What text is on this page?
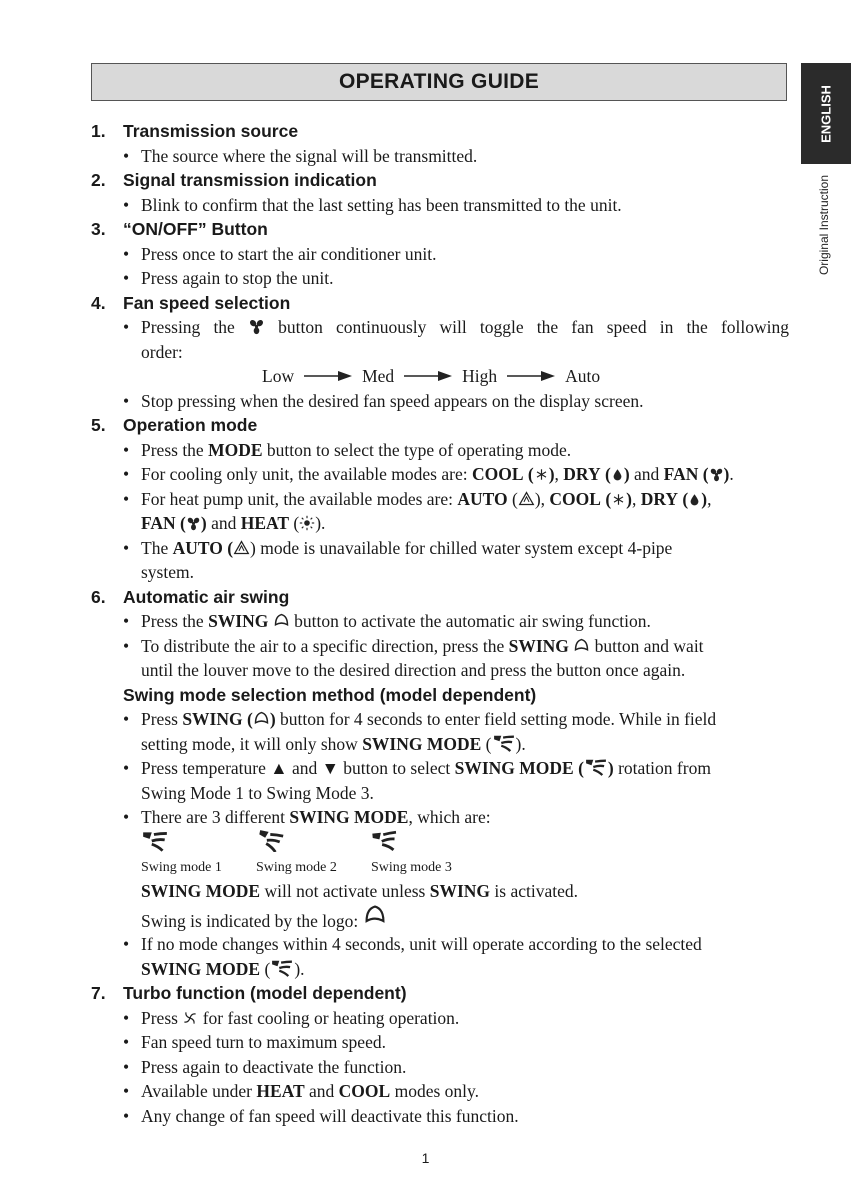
OPERATING GUIDE
ENGLISH
Original Instruction
1. Transmission source
• The source where the signal will be transmitted.
2. Signal transmission indication
• Blink to confirm that the last setting has been transmitted to the unit.
3. “ON/OFF” Button
• Press once to start the air conditioner unit.
• Press again to stop the unit.
4. Fan speed selection
• Pressing the button continuously will toggle the fan speed in the following
order:
Low	Med	High	Auto
• Stop pressing when the desired fan speed appears on the display screen.
5. Operation mode
• Press the MODE button to select the type of operating mode.
• For cooling only unit, the available modes are: COOL ( ), DRY ( ) and FAN ( ).
• For heat pump unit, the available modes are: AUTO ( ), COOL ( ), DRY ( ),
FAN ( ) and HEAT ( ).
• The AUTO ( ) mode is unavailable for chilled water system except 4-pipe
system.
6. Automatic air swing
• Press the SWING button to activate the automatic air swing function.
• To distribute the air to a specific direction, press the SWING button and wait
until the louver move to the desired direction and press the button once again.
Swing mode selection method (model dependent)
• Press SWING ( ) button for 4 seconds to enter field setting mode. While in field
setting mode, it will only show SWING MODE ( ).
• Press temperature ▲ and ▼ button to select SWING MODE ( ) rotation from
Swing Mode 1 to Swing Mode 3.
• There are 3 different SWING MODE, which are:
Swing mode 1	Swing mode 2	Swing mode 3
SWING MODE will not activate unless SWING is activated.
Swing is indicated by the logo:
• If no mode changes within 4 seconds, unit will operate according to the selected
SWING MODE ( ).
7. Turbo function (model dependent)
• Press for fast cooling or heating operation.
• Fan speed turn to maximum speed.
• Press again to deactivate the function.
• Available under HEAT and COOL modes only.
• Any change of fan speed will deactivate this function.
1
